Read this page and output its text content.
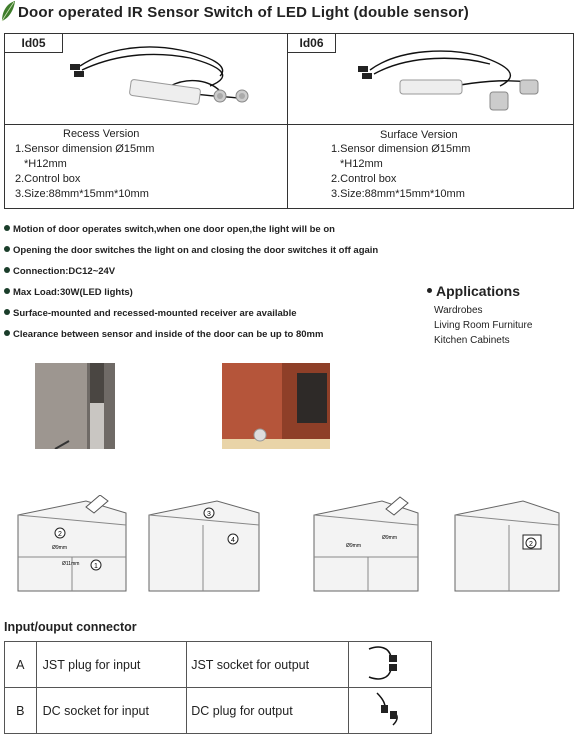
Door operated IR Sensor Switch of LED Light (double sensor)
Id05	Id06
Recess Version
1.Sensor dimension Ø15mm
*H12mm
2.Control box
3.Size:88mm*15mm*10mm
Surface Version
1.Sensor dimension Ø15mm
*H12mm
2.Control box
3.Size:88mm*15mm*10mm
Motion of door operates switch,when one door open,the light will be on
Opening the door switches the light on and closing the door switches it off again
Connection:DC12~24V
Max Load:30W(LED lights)
Surface-mounted and recessed-mounted receiver are available
Clearance between sensor and inside of the door can be up to 80mm
Applications
Wardrobes
Living Room Furniture
Kitchen Cabinets
2
1
Ø9mm
Ø11mm
3
4
Ø9mm
Ø9mm
2
Input/ouput connector
A	JST plug for input	JST socket for output	
B	DC socket for input	DC plug for output	
